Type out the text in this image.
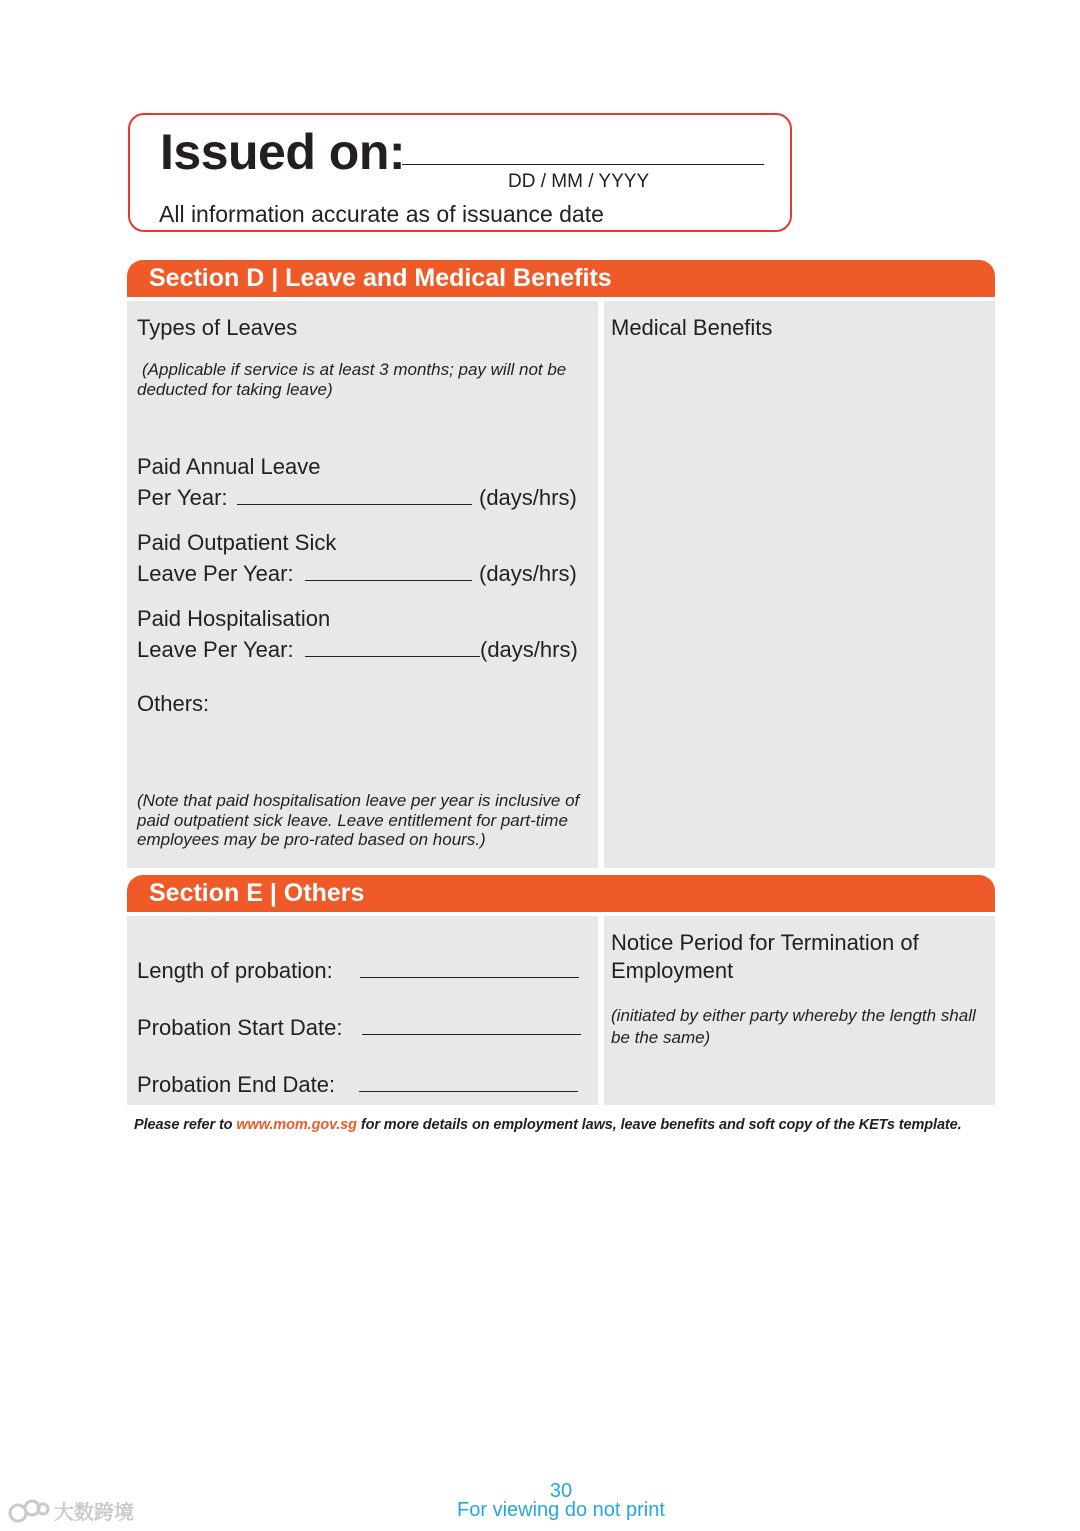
Issued on:
DD / MM / YYYY
All information accurate as of issuance date
Section D | Leave and Medical Benefits
Types of Leaves
(Applicable if service is at least 3 months; pay will not be deducted for taking leave)
Paid Annual Leave
Per Year:	(days/hrs)
Paid Outpatient Sick
Leave Per Year:	(days/hrs)
Paid Hospitalisation
Leave Per Year:	(days/hrs)
Others:
(Note that paid hospitalisation leave per year is inclusive of paid outpatient sick leave. Leave entitlement for part-time employees may be pro-rated based on hours.)
Medical Benefits
Section E | Others
Length of probation:
Probation Start Date:
Probation End Date:
Notice Period for Termination of
Employment
(initiated by either party whereby the length shall be the same)
Please refer to www.mom.gov.sg for more details on employment laws, leave benefits and soft copy of the KETs template.
30
For viewing do not print
大数跨境
